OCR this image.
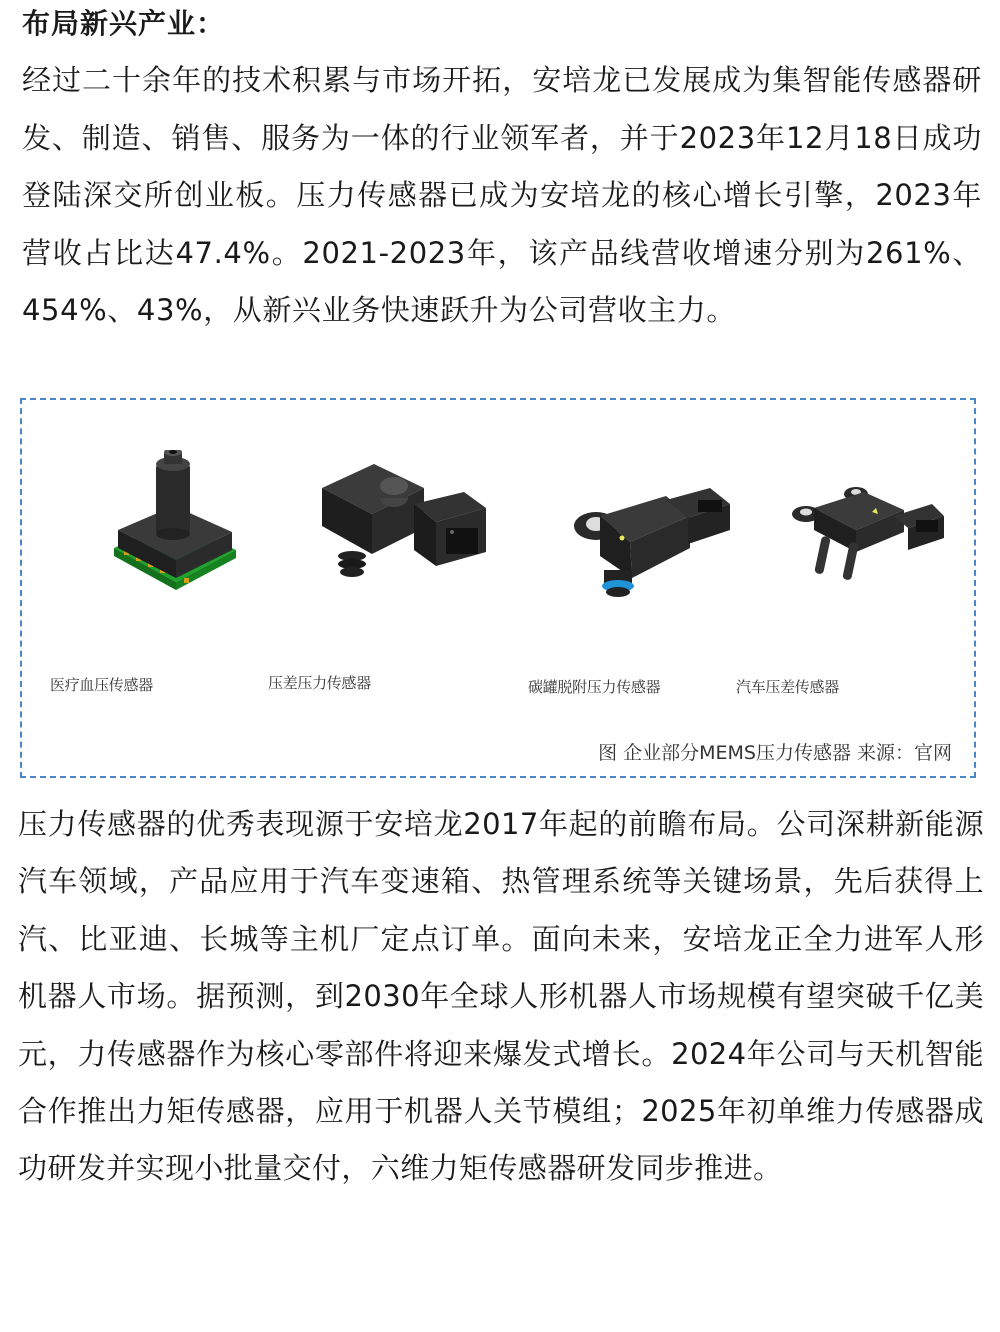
布局新兴产业：

经过二十余年的技术积累与市场开拓，安培龙已发展成为集智能传感器研发、制造、销售、服务为一体的行业领军者，并于2023年12月18日成功登陆深交所创业板。压力传感器已成为安培龙的核心增长引擎，2023年营收占比达47.4%。2021-2023年，该产品线营收增速分别为261%、454%、43%，从新兴业务快速跃升为公司营收主力。

医疗血压传感器	压差压力传感器	碳罐脱附压力传感器	汽车压差传感器
图 企业部分MEMS压力传感器 来源：官网

压力传感器的优秀表现源于安培龙2017年起的前瞻布局。公司深耕新能源汽车领域，产品应用于汽车变速箱、热管理系统等关键场景，先后获得上汽、比亚迪、长城等主机厂定点订单。面向未来，安培龙正全力进军人形机器人市场。据预测，到2030年全球人形机器人市场规模有望突破千亿美元，力传感器作为核心零部件将迎来爆发式增长。2024年公司与天机智能合作推出力矩传感器，应用于机器人关节模组；2025年初单维力传感器成功研发并实现小批量交付，六维力矩传感器研发同步推进。
